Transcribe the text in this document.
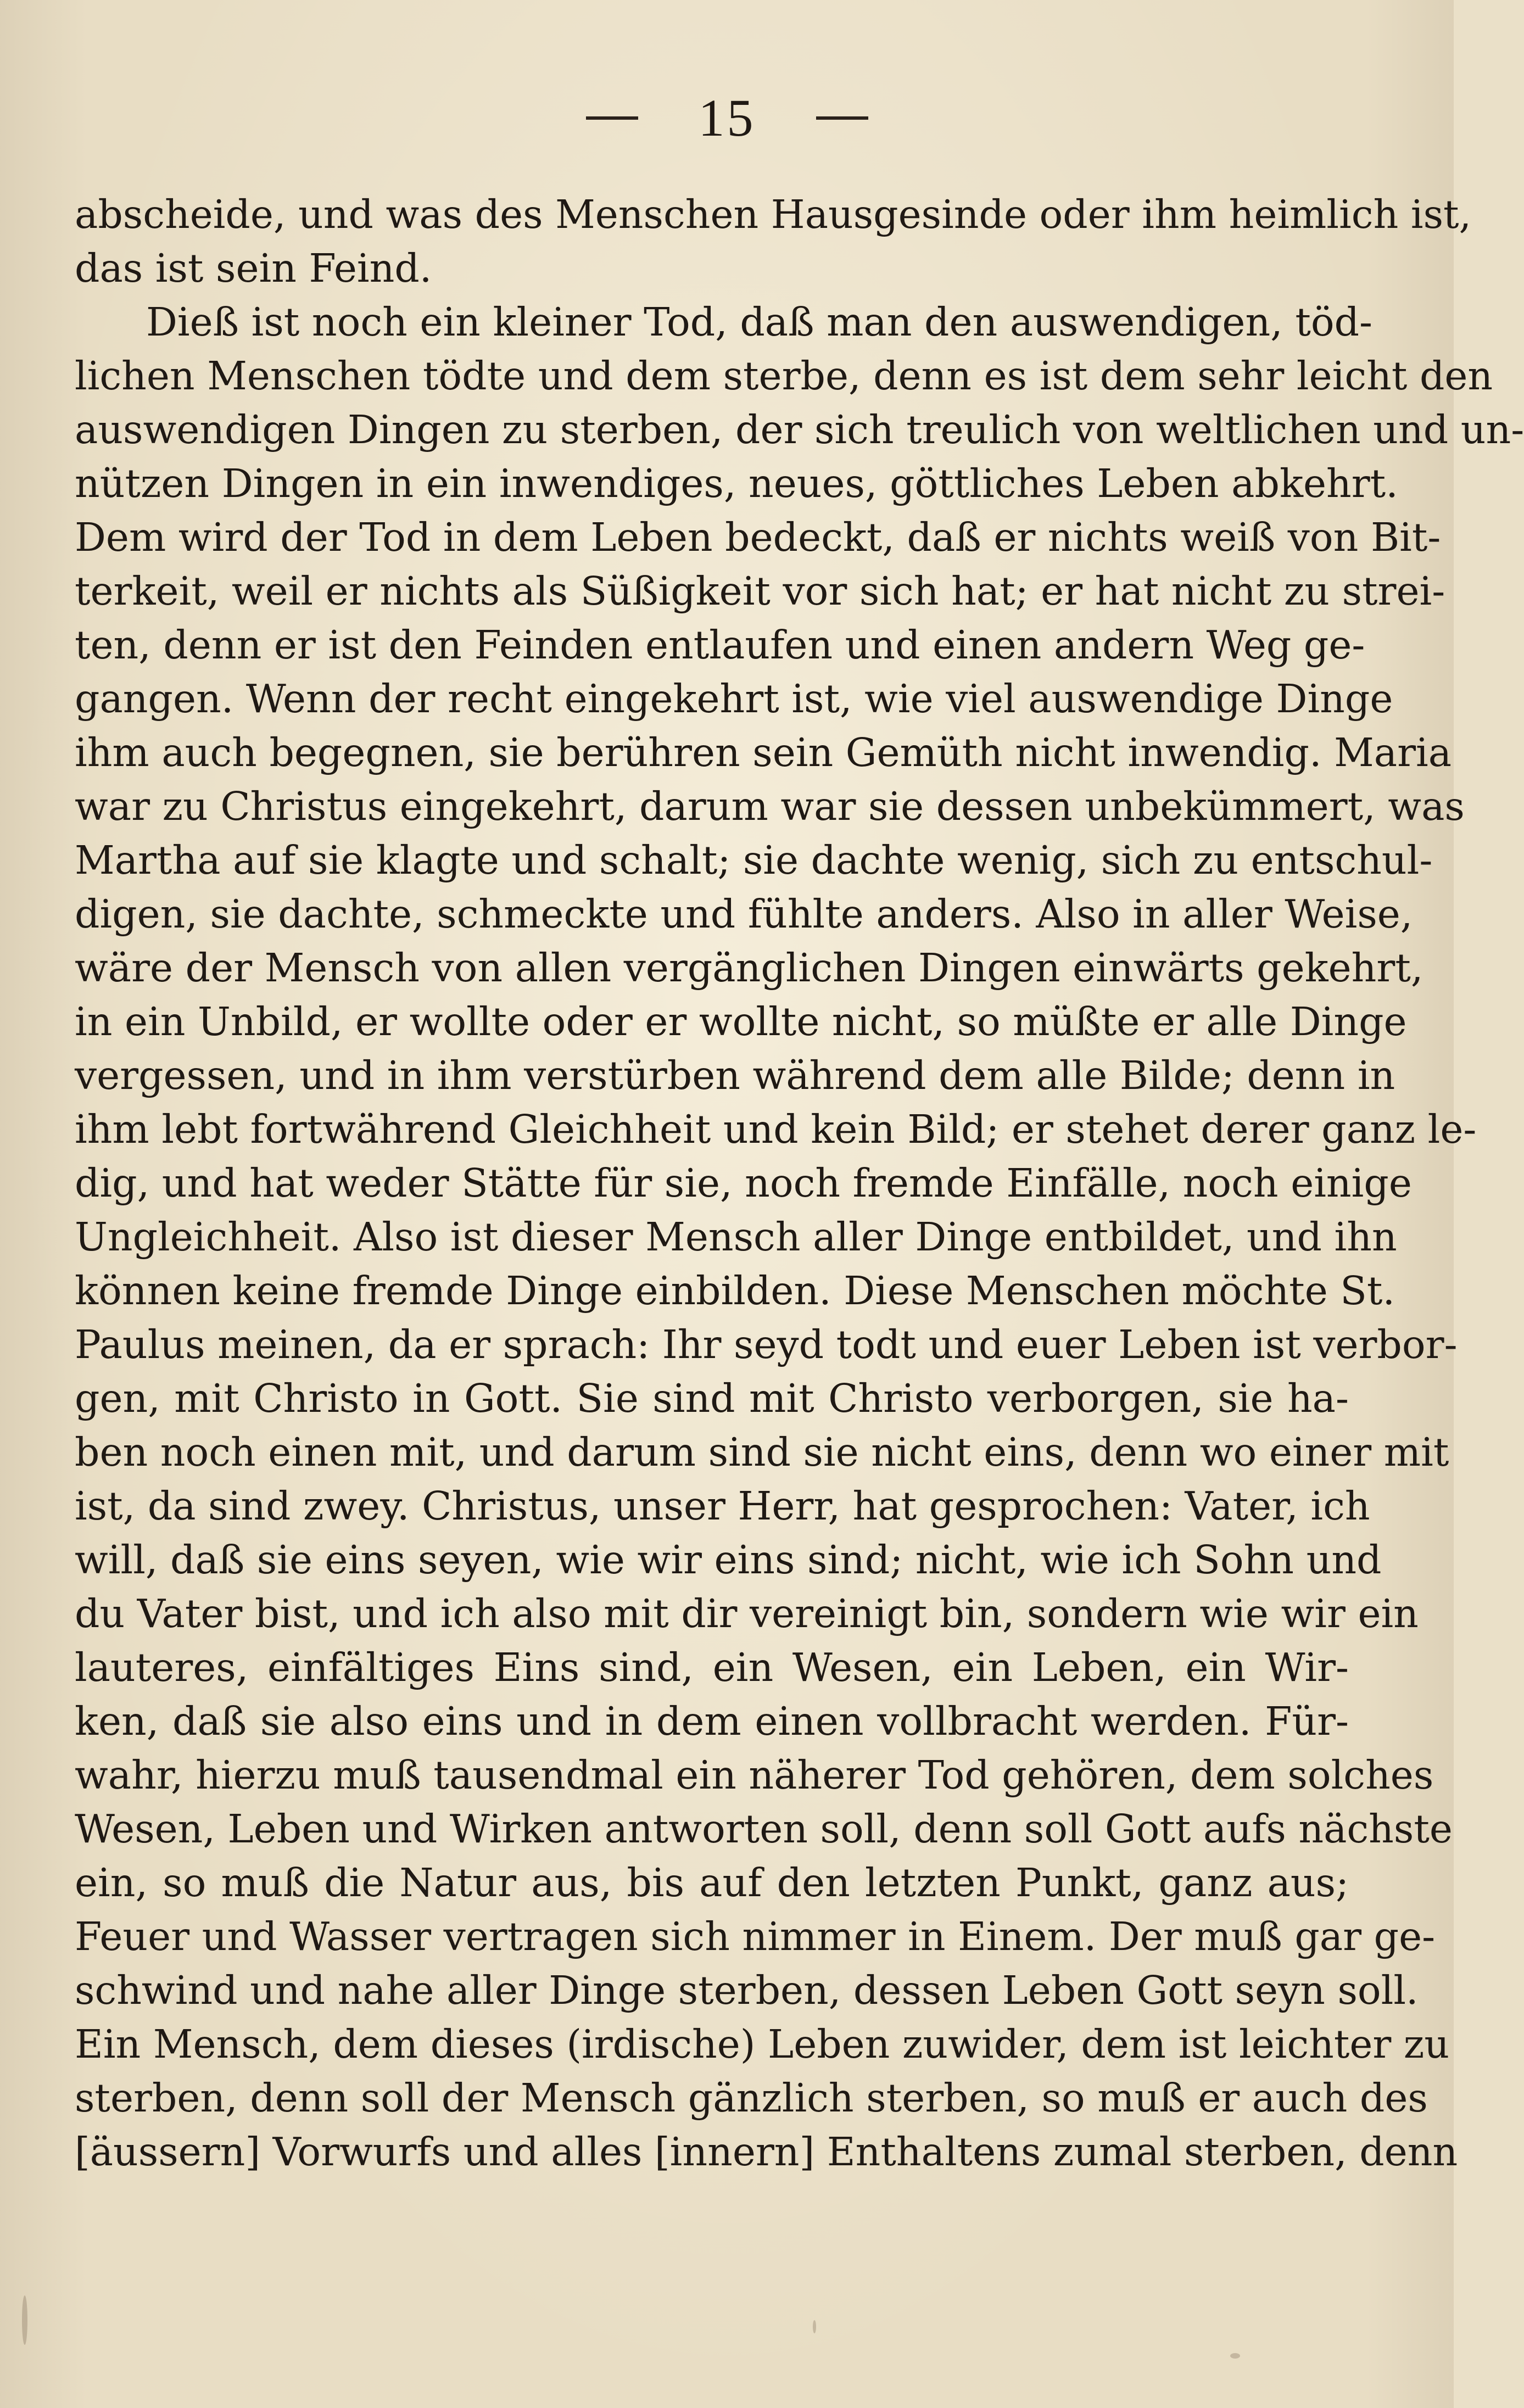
15
abscheide, und was des Menschen Hausgesinde oder ihm heimlich ist,
das ist sein Feind.
Dieß ist noch ein kleiner Tod, daß man den auswendigen, töd-
lichen Menschen tödte und dem sterbe, denn es ist dem sehr leicht den
auswendigen Dingen zu sterben, der sich treulich von weltlichen und un-
nützen Dingen in ein inwendiges, neues, göttliches Leben abkehrt.
Dem wird der Tod in dem Leben bedeckt, daß er nichts weiß von Bit-
terkeit, weil er nichts als Süßigkeit vor sich hat; er hat nicht zu strei-
ten, denn er ist den Feinden entlaufen und einen andern Weg ge-
gangen. Wenn der recht eingekehrt ist, wie viel auswendige Dinge
ihm auch begegnen, sie berühren sein Gemüth nicht inwendig. Maria
war zu Christus eingekehrt, darum war sie dessen unbekümmert, was
Martha auf sie klagte und schalt; sie dachte wenig, sich zu entschul-
digen, sie dachte, schmeckte und fühlte anders. Also in aller Weise,
wäre der Mensch von allen vergänglichen Dingen einwärts gekehrt,
in ein Unbild, er wollte oder er wollte nicht, so müßte er alle Dinge
vergessen, und in ihm verstürben während dem alle Bilde; denn in
ihm lebt fortwährend Gleichheit und kein Bild; er stehet derer ganz le-
dig, und hat weder Stätte für sie, noch fremde Einfälle, noch einige
Ungleichheit. Also ist dieser Mensch aller Dinge entbildet, und ihn
können keine fremde Dinge einbilden. Diese Menschen möchte St.
Paulus meinen, da er sprach: Ihr seyd todt und euer Leben ist verbor-
gen, mit Christo in Gott. Sie sind mit Christo verborgen, sie ha-
ben noch einen mit, und darum sind sie nicht eins, denn wo einer mit
ist, da sind zwey. Christus, unser Herr, hat gesprochen: Vater, ich
will, daß sie eins seyen, wie wir eins sind; nicht, wie ich Sohn und
du Vater bist, und ich also mit dir vereinigt bin, sondern wie wir ein
lauteres, einfältiges Eins sind, ein Wesen, ein Leben, ein Wir-
ken, daß sie also eins und in dem einen vollbracht werden. Für-
wahr, hierzu muß tausendmal ein näherer Tod gehören, dem solches
Wesen, Leben und Wirken antworten soll, denn soll Gott aufs nächste
ein, so muß die Natur aus, bis auf den letzten Punkt, ganz aus;
Feuer und Wasser vertragen sich nimmer in Einem. Der muß gar ge-
schwind und nahe aller Dinge sterben, dessen Leben Gott seyn soll.
Ein Mensch, dem dieses (irdische) Leben zuwider, dem ist leichter zu
sterben, denn soll der Mensch gänzlich sterben, so muß er auch des
[äussern] Vorwurfs und alles [innern] Enthaltens zumal sterben, denn
